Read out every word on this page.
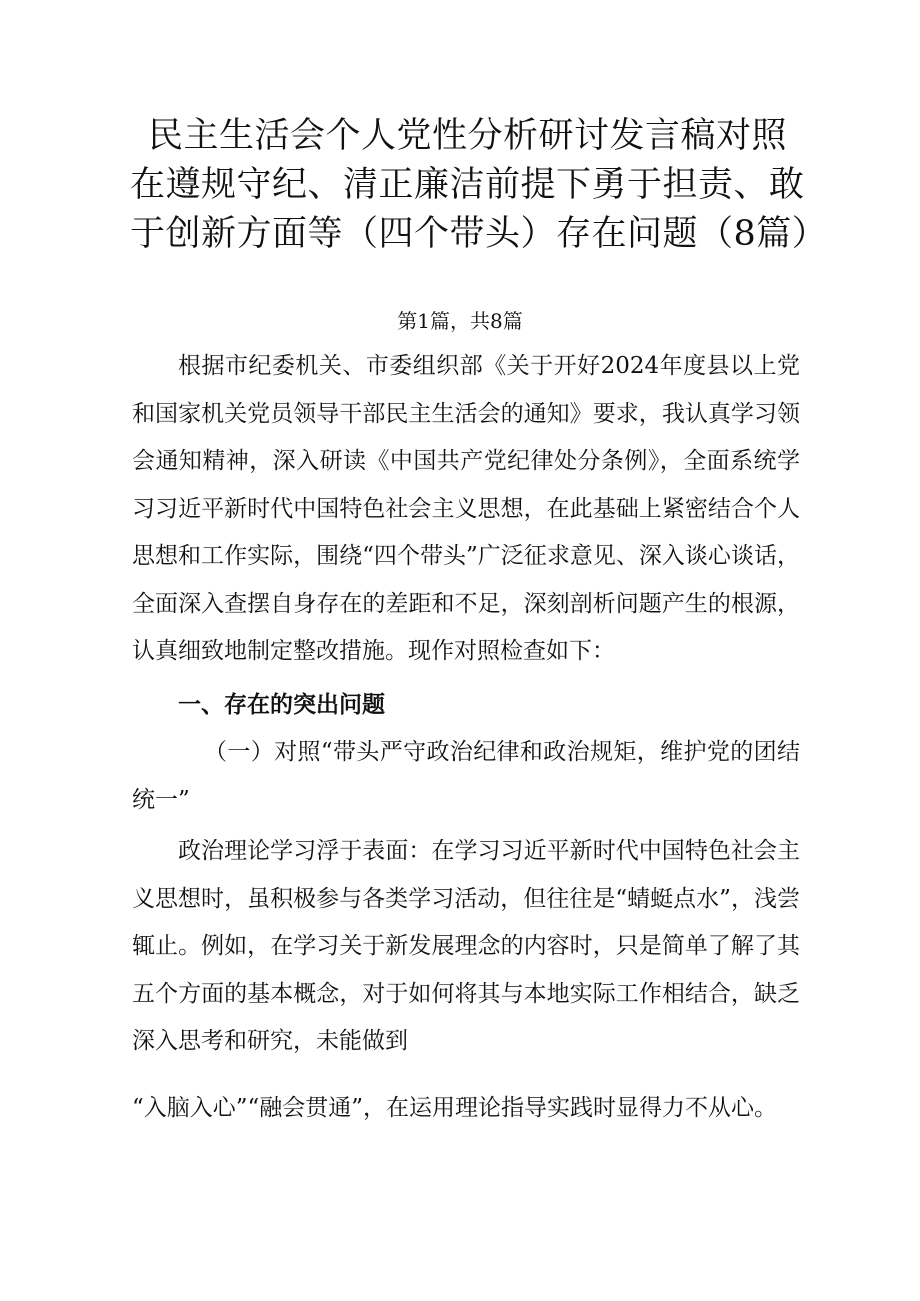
民主生活会个人党性分析研讨发言稿对照
在遵规守纪、清正廉洁前提下勇于担责、敢
于创新方面等（四个带头）存在问题（8篇）
第1篇，共8篇
根据市纪委机关、市委组织部《关于开好2024年度县以上党和国家机关党员领导干部民主生活会的通知》要求，我认真学习领会通知精神，深入研读《中国共产党纪律处分条例》，全面系统学习习近平新时代中国特色社会主义思想，在此基础上紧密结合个人思想和工作实际，围绕“四个带头”广泛征求意见、深入谈心谈话，全面深入查摆自身存在的差距和不足，深刻剖析问题产生的根源，认真细致地制定整改措施。现作对照检查如下：
一、存在的突出问题
（一）对照“带头严守政治纪律和政治规矩，维护党的团结统一”
政治理论学习浮于表面：在学习习近平新时代中国特色社会主义思想时，虽积极参与各类学习活动，但往往是“蜻蜓点水”，浅尝辄止。例如，在学习关于新发展理念的内容时，只是简单了解了其五个方面的基本概念，对于如何将其与本地实际工作相结合，缺乏深入思考和研究，未能做到
“入脑入心”“融会贯通”，在运用理论指导实践时显得力不从心。
